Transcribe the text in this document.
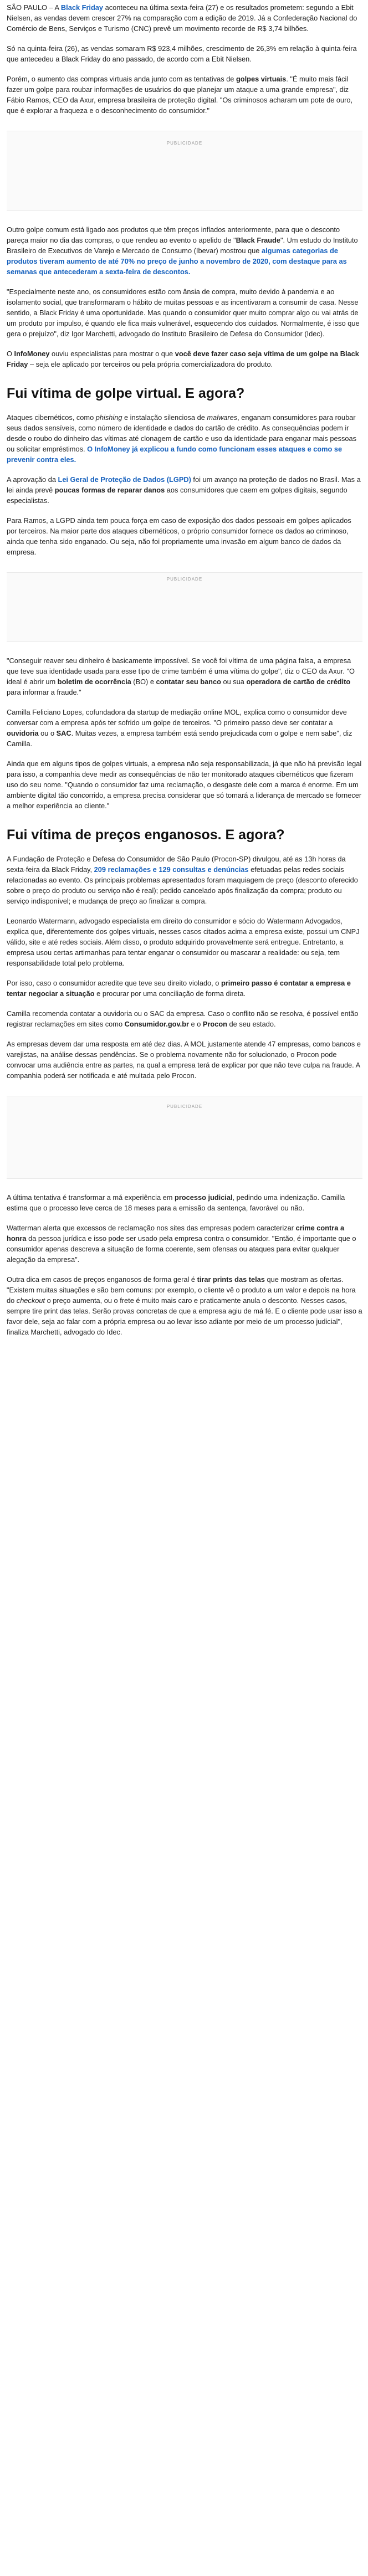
SÃO PAULO – A Black Friday aconteceu na última sexta-feira (27) e os resultados prometem: segundo a Ebit Nielsen, as vendas devem crescer 27% na comparação com a edição de 2019. Já a Confederação Nacional do Comércio de Bens, Serviços e Turismo (CNC) prevê um movimento recorde de R$ 3,74 bilhões.

Só na quinta-feira (26), as vendas somaram R$ 923,4 milhões, crescimento de 26,3% em relação à quinta-feira que antecedeu a Black Friday do ano passado, de acordo com a Ebit Nielsen.

Porém, o aumento das compras virtuais anda junto com as tentativas de golpes virtuais. "É muito mais fácil fazer um golpe para roubar informações de usuários do que planejar um ataque a uma grande empresa", diz Fábio Ramos, CEO da Axur, empresa brasileira de proteção digital. "Os criminosos acharam um pote de ouro, que é explorar a fraqueza e o desconhecimento do consumidor."

PUBLICIDADE

Outro golpe comum está ligado aos produtos que têm preços inflados anteriormente, para que o desconto pareça maior no dia das compras, o que rendeu ao evento o apelido de "Black Fraude". Um estudo do Instituto Brasileiro de Executivos de Varejo e Mercado de Consumo (Ibevar) mostrou que algumas categorias de produtos tiveram aumento de até 70% no preço de junho a novembro de 2020, com destaque para as semanas que antecederam a sexta-feira de descontos.

"Especialmente neste ano, os consumidores estão com ânsia de compra, muito devido à pandemia e ao isolamento social, que transformaram o hábito de muitas pessoas e as incentivaram a consumir de casa. Nesse sentido, a Black Friday é uma oportunidade. Mas quando o consumidor quer muito comprar algo ou vai atrás de um produto por impulso, é quando ele fica mais vulnerável, esquecendo dos cuidados. Normalmente, é isso que gera o prejuízo", diz Igor Marchetti, advogado do Instituto Brasileiro de Defesa do Consumidor (Idec).

O InfoMoney ouviu especialistas para mostrar o que você deve fazer caso seja vítima de um golpe na Black Friday – seja ele aplicado por terceiros ou pela própria comercializadora do produto.

Fui vítima de golpe virtual. E agora?

Ataques cibernéticos, como phishing e instalação silenciosa de malwares, enganam consumidores para roubar seus dados sensíveis, como número de identidade e dados do cartão de crédito. As consequências podem ir desde o roubo do dinheiro das vítimas até clonagem de cartão e uso da identidade para enganar mais pessoas ou solicitar empréstimos. O InfoMoney já explicou a fundo como funcionam esses ataques e como se prevenir contra eles.

A aprovação da Lei Geral de Proteção de Dados (LGPD) foi um avanço na proteção de dados no Brasil. Mas a lei ainda prevê poucas formas de reparar danos aos consumidores que caem em golpes digitais, segundo especialistas.

Para Ramos, a LGPD ainda tem pouca força em caso de exposição dos dados pessoais em golpes aplicados por terceiros. Na maior parte dos ataques cibernéticos, o próprio consumidor fornece os dados ao criminoso, ainda que tenha sido enganado. Ou seja, não foi propriamente uma invasão em algum banco de dados da empresa.

PUBLICIDADE

"Conseguir reaver seu dinheiro é basicamente impossível. Se você foi vítima de uma página falsa, a empresa que teve sua identidade usada para esse tipo de crime também é uma vítima do golpe", diz o CEO da Axur. "O ideal é abrir um boletim de ocorrência (BO) e contatar seu banco ou sua operadora de cartão de crédito para informar a fraude."

Camilla Feliciano Lopes, cofundadora da startup de mediação online MOL, explica como o consumidor deve conversar com a empresa após ter sofrido um golpe de terceiros. "O primeiro passo deve ser contatar a ouvidoria ou o SAC. Muitas vezes, a empresa também está sendo prejudicada com o golpe e nem sabe", diz Camilla.

Ainda que em alguns tipos de golpes virtuais, a empresa não seja responsabilizada, já que não há previsão legal para isso, a companhia deve medir as consequências de não ter monitorado ataques cibernéticos que fizeram uso do seu nome. "Quando o consumidor faz uma reclamação, o desgaste dele com a marca é enorme. Em um ambiente digital tão concorrido, a empresa precisa considerar que só tomará a liderança de mercado se fornecer a melhor experiência ao cliente."

Fui vítima de preços enganosos. E agora?

A Fundação de Proteção e Defesa do Consumidor de São Paulo (Procon-SP) divulgou, até as 13h horas da sexta-feira da Black Friday, 209 reclamações e 129 consultas e denúncias efetuadas pelas redes sociais relacionadas ao evento. Os principais problemas apresentados foram maquiagem de preço (desconto oferecido sobre o preço do produto ou serviço não é real); pedido cancelado após finalização da compra; produto ou serviço indisponível; e mudança de preço ao finalizar a compra.

Leonardo Watermann, advogado especialista em direito do consumidor e sócio do Watermann Advogados, explica que, diferentemente dos golpes virtuais, nesses casos citados acima a empresa existe, possui um CNPJ válido, site e até redes sociais. Além disso, o produto adquirido provavelmente será entregue. Entretanto, a empresa usou certas artimanhas para tentar enganar o consumidor ou mascarar a realidade: ou seja, tem responsabilidade total pelo problema.

Por isso, caso o consumidor acredite que teve seu direito violado, o primeiro passo é contatar a empresa e tentar negociar a situação e procurar por uma conciliação de forma direta.

Camilla recomenda contatar a ouvidoria ou o SAC da empresa. Caso o conflito não se resolva, é possível então registrar reclamações em sites como Consumidor.gov.br e o Procon de seu estado.

As empresas devem dar uma resposta em até dez dias. A MOL justamente atende 47 empresas, como bancos e varejistas, na análise dessas pendências. Se o problema novamente não for solucionado, o Procon pode convocar uma audiência entre as partes, na qual a empresa terá de explicar por que não teve culpa na fraude. A companhia poderá ser notificada e até multada pelo Procon.

PUBLICIDADE

A última tentativa é transformar a má experiência em processo judicial, pedindo uma indenização. Camilla estima que o processo leve cerca de 18 meses para a emissão da sentença, favorável ou não.

Watterman alerta que excessos de reclamação nos sites das empresas podem caracterizar crime contra a honra da pessoa jurídica e isso pode ser usado pela empresa contra o consumidor. "Então, é importante que o consumidor apenas descreva a situação de forma coerente, sem ofensas ou ataques para evitar qualquer alegação da empresa".

Outra dica em casos de preços enganosos de forma geral é tirar prints das telas que mostram as ofertas. "Existem muitas situações e são bem comuns: por exemplo, o cliente vê o produto a um valor e depois na hora do checkout o preço aumenta, ou o frete é muito mais caro e praticamente anula o desconto. Nesses casos, sempre tire print das telas. Serão provas concretas de que a empresa agiu de má fé. E o cliente pode usar isso a favor dele, seja ao falar com a própria empresa ou ao levar isso adiante por meio de um processo judicial", finaliza Marchetti, advogado do Idec.
